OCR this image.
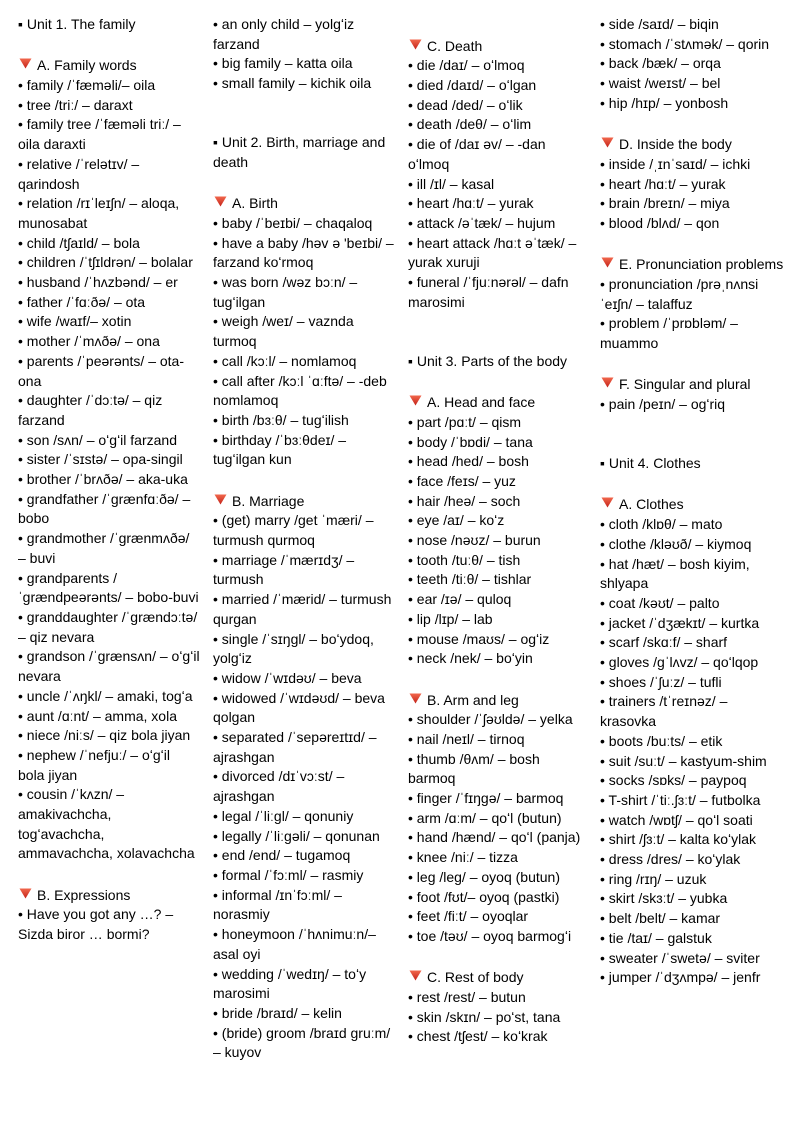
▪ Unit 1. The family
A. Family words
• family /ˈfæməli/– oila
• tree /triː/ – daraxt
• family tree /ˈfæməli triː/ – oila daraxti
• relative /ˈrelətɪv/ – qarindosh
• relation /rɪˈleɪʃn/ – aloqa, munosabat
• child /tʃaɪld/ – bola
• children /ˈtʃɪldrən/ – bolalar
• husband /ˈhʌzbənd/ – er
• father /ˈfɑːðə/ – ota
• wife /waɪf/– xotin
• mother /ˈmʌðə/ – ona
• parents /ˈpeərənts/ – ota-ona
• daughter /ˈdɔːtə/ – qiz farzand
• son /sʌn/ – oʻgʻil farzand
• sister /ˈsɪstə/ – opa-singil
• brother /ˈbrʌðə/ – aka-uka
• grandfather /ˈgrænfɑːðə/ – bobo
• grandmother /ˈgrænmʌðə/ – buvi
• grandparents /ˈgrændpeərənts/ – bobo-buvi
• granddaughter /ˈgrændɔːtə/ – qiz nevara
• grandson /ˈgrænsʌn/ – oʻgʻil nevara
• uncle /ˈʌŋkl/ – amaki, togʻa
• aunt /ɑːnt/ – amma, xola
• niece /niːs/ – qiz bola jiyan
• nephew /ˈnefjuː/ – oʻgʻil bola jiyan
• cousin /ˈkʌzn/ – amakivachcha, togʻavachcha, ammavachcha, xolavachcha
B. Expressions
• Have you got any …? – Sizda biror … bormi?
• an only child – yolgʻiz farzand
• big family – katta oila
• small family – kichik oila
▪ Unit 2. Birth, marriage and death
A. Birth
• baby /ˈbeɪbi/ – chaqaloq
• have a baby /həv ə 'beɪbi/ – farzand koʻrmoq
• was born /wəz bɔːn/ – tugʻilgan
• weigh /weɪ/ – vaznda turmoq
• call /kɔːl/ – nomlamoq
• call after /kɔːl ˈɑːftə/ – -deb nomlamoq
• birth /bɜːθ/ – tugʻilish
• birthday /ˈbɜːθdeɪ/ – tugʻilgan kun
B. Marriage
• (get) marry /get ˈmæri/ – turmush qurmoq
• marriage /ˈmærɪdʒ/ – turmush
• married /ˈmærid/ – turmush qurgan
• single /ˈsɪŋgl/ – boʻydoq, yolgʻiz
• widow /ˈwɪdəʊ/ – beva
• widowed /ˈwɪdəʊd/ – beva qolgan
• separated /ˈsepəreɪtɪd/ – ajrashgan
• divorced /dɪˈvɔːst/ – ajrashgan
• legal /ˈliːgl/ – qonuniy
• legally /ˈliːgəli/ – qonunan
• end /end/ – tugamoq
• formal /ˈfɔːml/ – rasmiy
• informal /ɪnˈfɔːml/ – norasmiy
• honeymoon /ˈhʌnimuːn/– asal oyi
• wedding /ˈwedɪŋ/ – toʻy marosimi
• bride /braɪd/ – kelin
• (bride) groom /braɪd gruːm/ – kuyov
C. Death
• die /daɪ/ – oʻlmoq
• died /daɪd/ – oʻlgan
• dead /ded/ – oʻlik
• death /deθ/ – oʻlim
• die of /daɪ əv/ – -dan oʻlmoq
• ill /ɪl/ – kasal
• heart /hɑːt/ – yurak
• attack /əˈtæk/ – hujum
• heart attack /hɑːt əˈtæk/ – yurak xuruji
• funeral /ˈfjuːnərəl/ – dafn marosimi
▪ Unit 3. Parts of the body
A. Head and face
• part /pɑːt/ – qism
• body /ˈbɒdi/ – tana
• head /hed/ – bosh
• face /feɪs/ – yuz
• hair /heə/ – soch
• eye /aɪ/ – koʻz
• nose /nəʊz/ – burun
• tooth /tuːθ/ – tish
• teeth /tiːθ/ – tishlar
• ear /ɪə/ – quloq
• lip /lɪp/ – lab
• mouse /maʊs/ – ogʻiz
• neck /nek/ – boʻyin
B. Arm and leg
• shoulder /ˈʃəʊldə/ – yelka
• nail /neɪl/ – tirnoq
• thumb /θʌm/ – bosh barmoq
• finger /ˈfɪŋgə/ – barmoq
• arm /ɑːm/ – qoʻl (butun)
• hand /hænd/ – qoʻl (panja)
• knee /niː/ – tizza
• leg /leg/ – oyoq (butun)
• foot /fʊt/– oyoq (pastki)
• feet /fiːt/ – oyoqlar
• toe /təʊ/ – oyoq barmogʻi
C. Rest of body
• rest /rest/ – butun
• skin /skɪn/ – poʻst, tana
• chest /tʃest/ – koʻkrak
• side /saɪd/ – biqin
• stomach /ˈstʌmək/ – qorin
• back /bæk/ – orqa
• waist /weɪst/ – bel
• hip /hɪp/ – yonbosh
D. Inside the body
• inside /ˌɪnˈsaɪd/ – ichki
• heart /hɑːt/ – yurak
• brain /breɪn/ – miya
• blood /blʌd/ – qon
E. Pronunciation problems
• pronunciation /prəˌnʌnsiˈeɪʃn/ – talaffuz
• problem /ˈprɒbləm/ – muammo
F. Singular and plural
• pain /peɪn/ – ogʻriq
▪ Unit 4. Clothes
A. Clothes
• cloth /klɒθ/ – mato
• clothe /kləʊð/ – kiymoq
• hat /hæt/ – bosh kiyim, shlyapa
• coat /kəʊt/ – palto
• jacket /ˈdʒækɪt/ – kurtka
• scarf /skɑːf/ – sharf
• gloves /gˈlʌvz/ – qoʻlqop
• shoes /ˈʃuːz/ – tufli
• trainers /tˈreɪnəz/ – krasovka
• boots /buːts/ – etik
• suit /suːt/ – kastyum-shim
• socks /sɒks/ – paypoq
• T-shirt /ˈtiː.ʃɜːt/ – futbolka
• watch /wɒtʃ/ – qoʻl soati
• shirt /ʃɜːt/ – kalta koʻylak
• dress /dres/ – koʻylak
• ring /rɪŋ/ – uzuk
• skirt /skɜːt/ – yubka
• belt /belt/ – kamar
• tie /taɪ/ – galstuk
• sweater /ˈswetə/ – sviter
• jumper /ˈdʒʌmpə/ – jenfr
